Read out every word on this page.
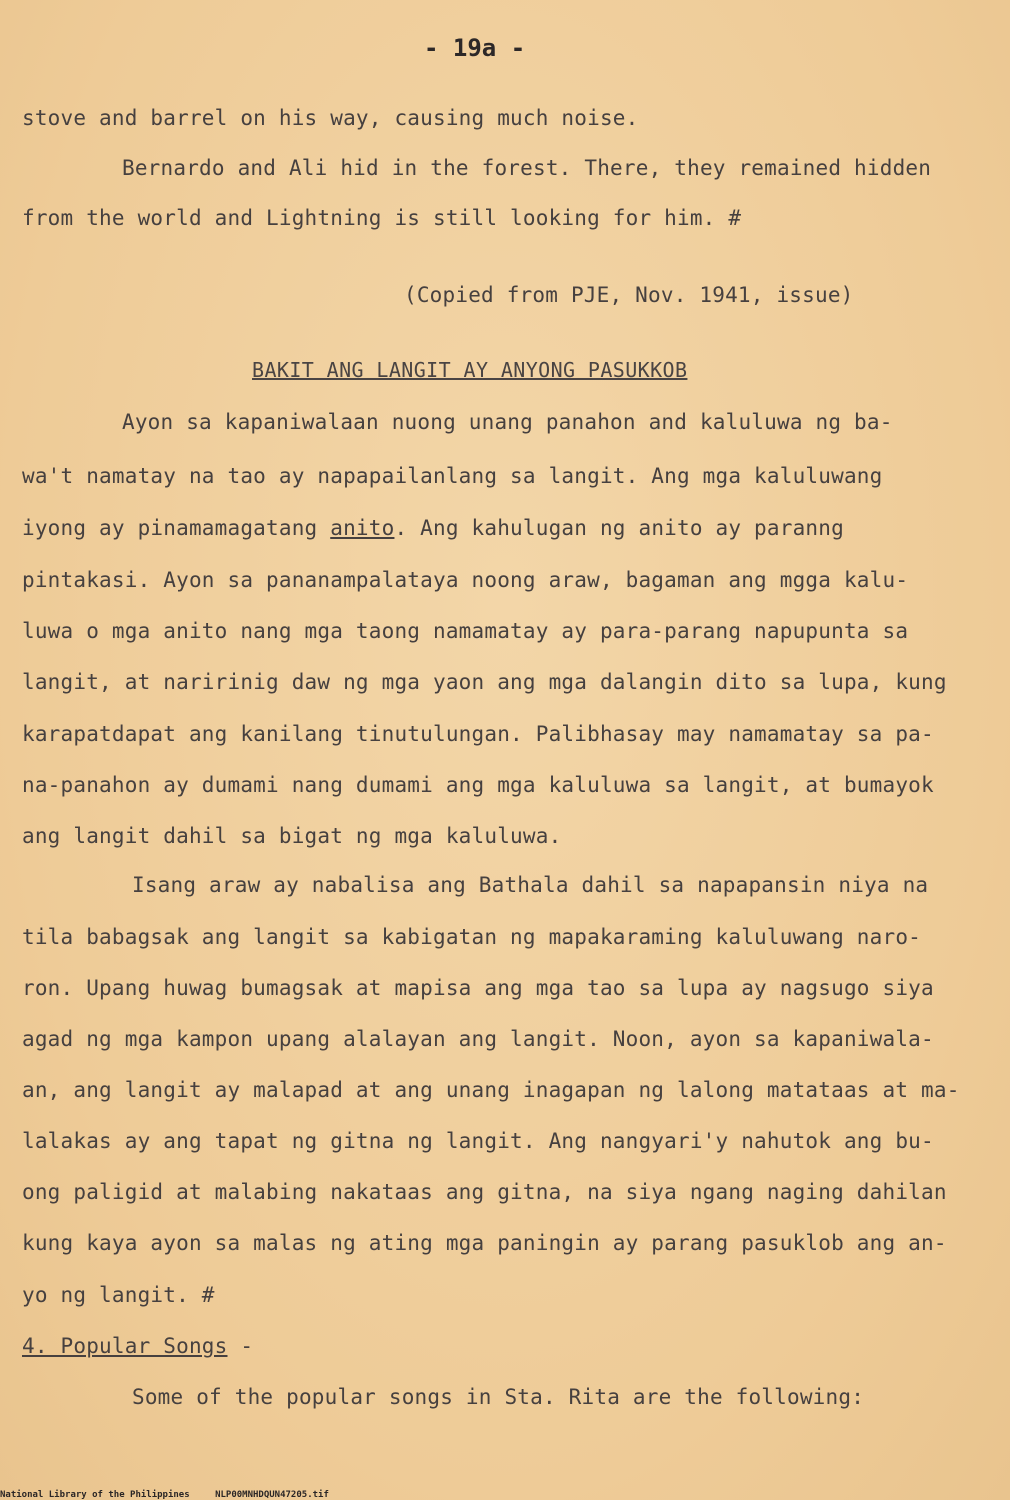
- 19a -
stove and barrel on his way, causing much noise.
Bernardo and Ali hid in the forest. There, they remained hidden
from the world and Lightning is still looking for him. #
(Copied from PJE, Nov. 1941, issue)
BAKIT ANG LANGIT AY ANYONG PASUKKOB
Ayon sa kapaniwalaan nuong unang panahon and kaluluwa ng ba-
wa't namatay na tao ay napapailanlang sa langit. Ang mga kaluluwang
iyong ay pinamamagatang anito. Ang kahulugan ng anito ay paranng
pintakasi. Ayon sa pananampalataya noong araw, bagaman ang mgga kalu-
luwa o mga anito nang mga taong namamatay ay para-parang napupunta sa
langit, at naririnig daw ng mga yaon ang mga dalangin dito sa lupa, kung
karapatdapat ang kanilang tinutulungan. Palibhasay may namamatay sa pa-
na-panahon ay dumami nang dumami ang mga kaluluwa sa langit, at bumayok
ang langit dahil sa bigat ng mga kaluluwa.
Isang araw ay nabalisa ang Bathala dahil sa napapansin niya na
tila babagsak ang langit sa kabigatan ng mapakaraming kaluluwang naro-
ron. Upang huwag bumagsak at mapisa ang mga tao sa lupa ay nagsugo siya
agad ng mga kampon upang alalayan ang langit. Noon, ayon sa kapaniwala-
an, ang langit ay malapad at ang unang inagapan ng lalong matataas at ma-
lalakas ay ang tapat ng gitna ng langit. Ang nangyari'y nahutok ang bu-
ong paligid at malabing nakataas ang gitna, na siya ngang naging dahilan
kung kaya ayon sa malas ng ating mga paningin ay parang pasuklob ang an-
yo ng langit. #
4. Popular Songs -
Some of the popular songs in Sta. Rita are the following:
National Library of the Philippines	NLP00MNHDQUN47205.tif
